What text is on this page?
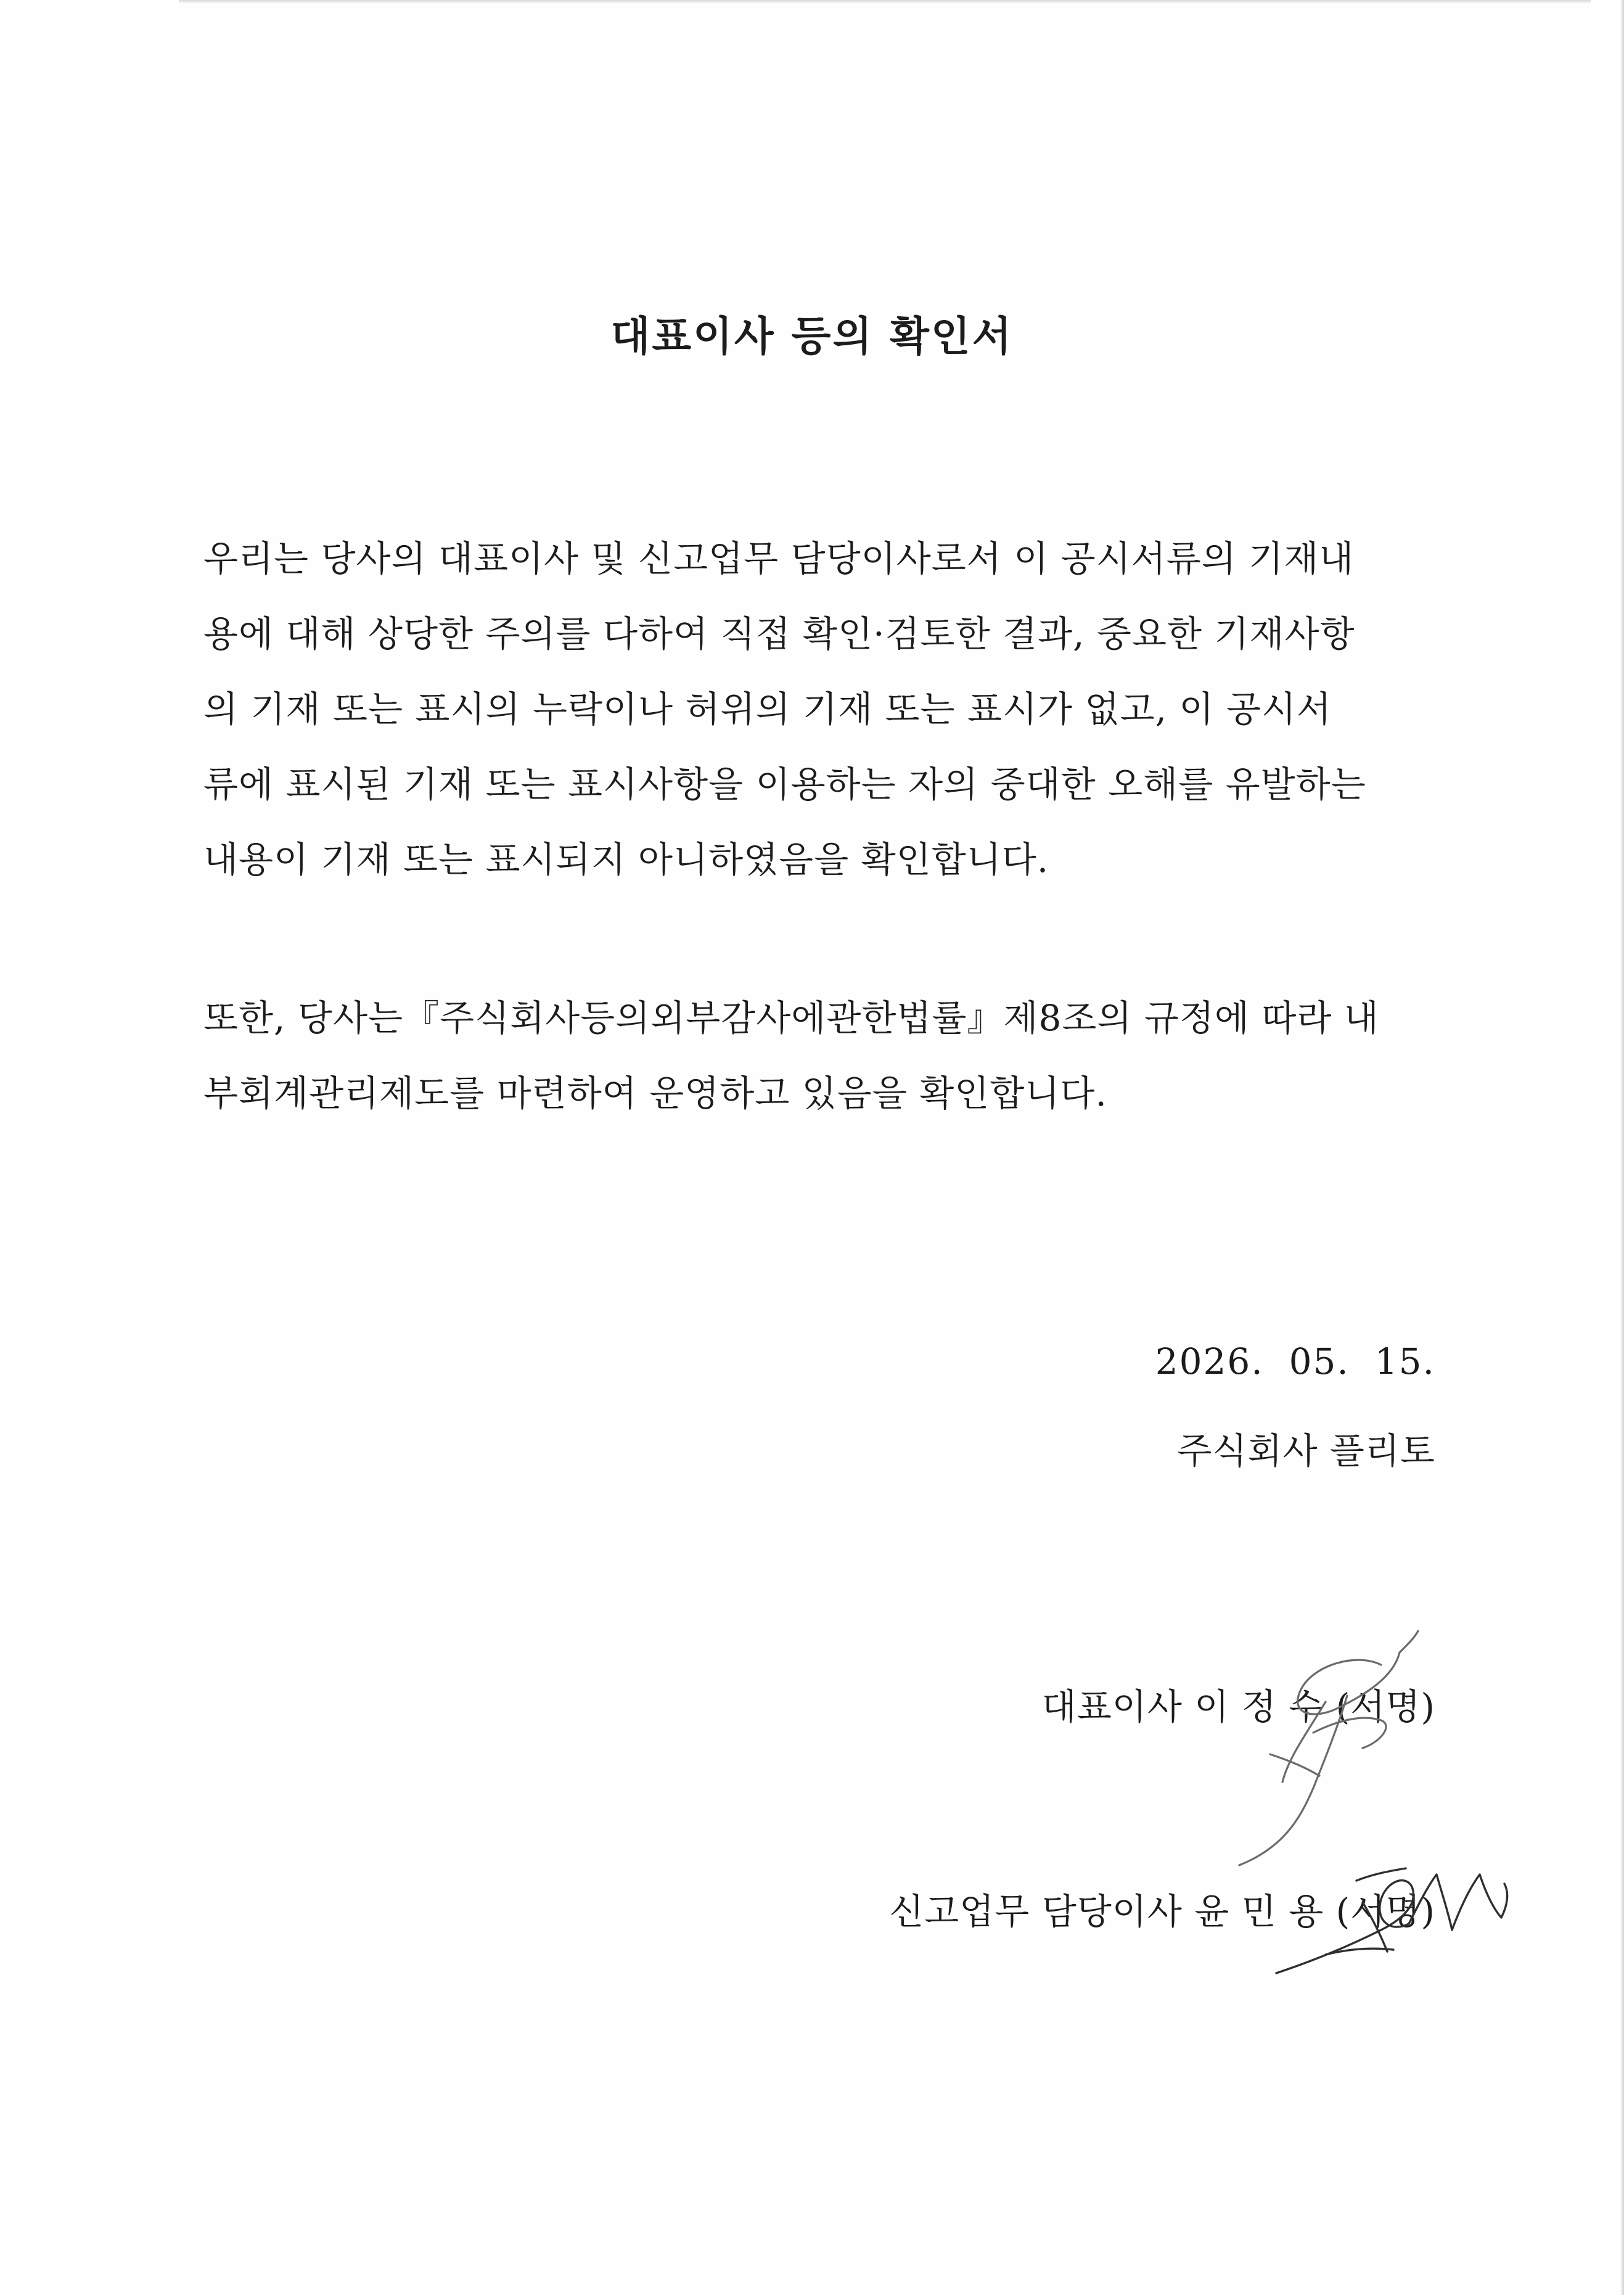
대표이사 등의 확인서

우리는 당사의 대표이사 및 신고업무 담당이사로서 이 공시서류의 기재내
용에 대해 상당한 주의를 다하여 직접 확인·검토한 결과, 중요한 기재사항
의 기재 또는 표시의 누락이나 허위의 기재 또는 표시가 없고, 이 공시서
류에 표시된 기재 또는 표시사항을 이용하는 자의 중대한 오해를 유발하는
내용이 기재 또는 표시되지 아니하였음을 확인합니다.

또한, 당사는『주식회사등의외부감사에관한법률』제8조의 규정에 따라 내
부회계관리제도를 마련하여 운영하고 있음을 확인합니다.

2026.  05.  15.
주식회사 플리토
대표이사 이 정 수 (서명)
신고업무 담당이사 윤 민 용 (서명)
